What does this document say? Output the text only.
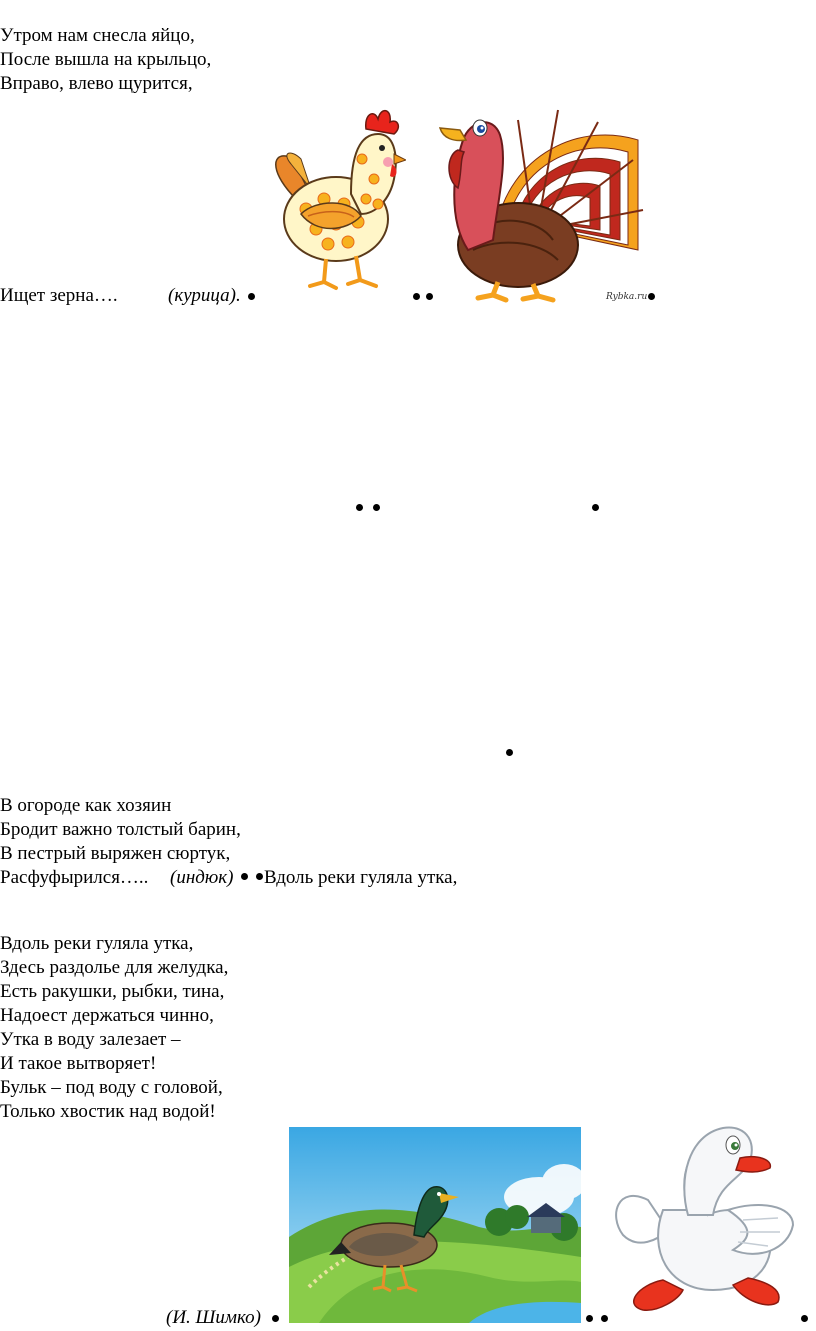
Утром нам снесла яйцо,
После вышла на крыльцо,
Вправо, влево щурится,
Ищет зерна….	(курица).	Rybka.ru
В огороде как хозяин
Бродит важно толстый барин,
В пестрый выряжен сюртук,
Расфуфырился….. (индюк) Вдоль реки гуляла утка,
Вдоль реки гуляла утка,
Здесь раздолье для желудка,
Есть ракушки, рыбки, тина,
Надоест держаться чинно,
Утка в воду залезает –
И такое вытворяет!
Бульк – под воду с головой,
Только хвостик над водой!
(И. Шимко)
